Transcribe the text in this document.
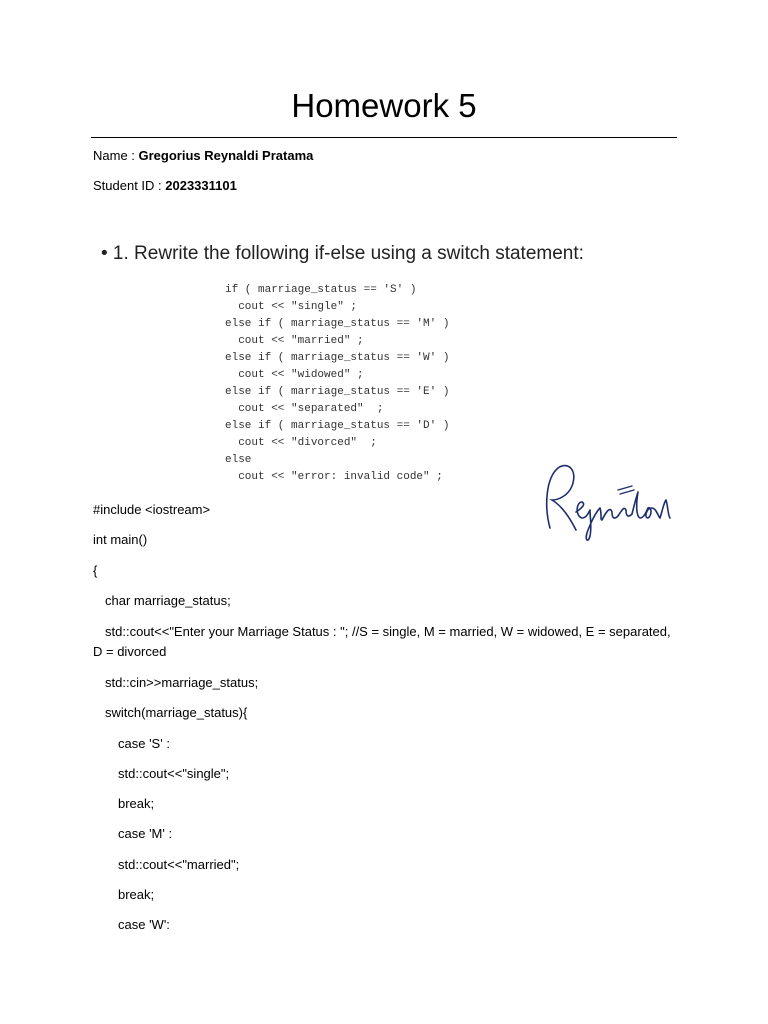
Homework 5
Name : Gregorius Reynaldi Pratama
Student ID : 2023331101
• 1. Rewrite the following if-else using a switch statement:
if ( marriage_status == 'S' )
cout << "single" ;
else if ( marriage_status == 'M' )
cout << "married" ;
else if ( marriage_status == 'W' )
cout << "widowed" ;
else if ( marriage_status == 'E' )
cout << "separated"  ;
else if ( marriage_status == 'D' )
cout << "divorced"  ;
else
cout << "error: invalid code" ;
#include <iostream>
int main()
{
char marriage_status;
std::cout<<"Enter your Marriage Status : "; //S = single, M = married, W = widowed, E = separated, D = divorced
std::cin>>marriage_status;
switch(marriage_status){
case 'S' :
std::cout<<"single";
break;
case 'M' :
std::cout<<"married";
break;
case 'W':
